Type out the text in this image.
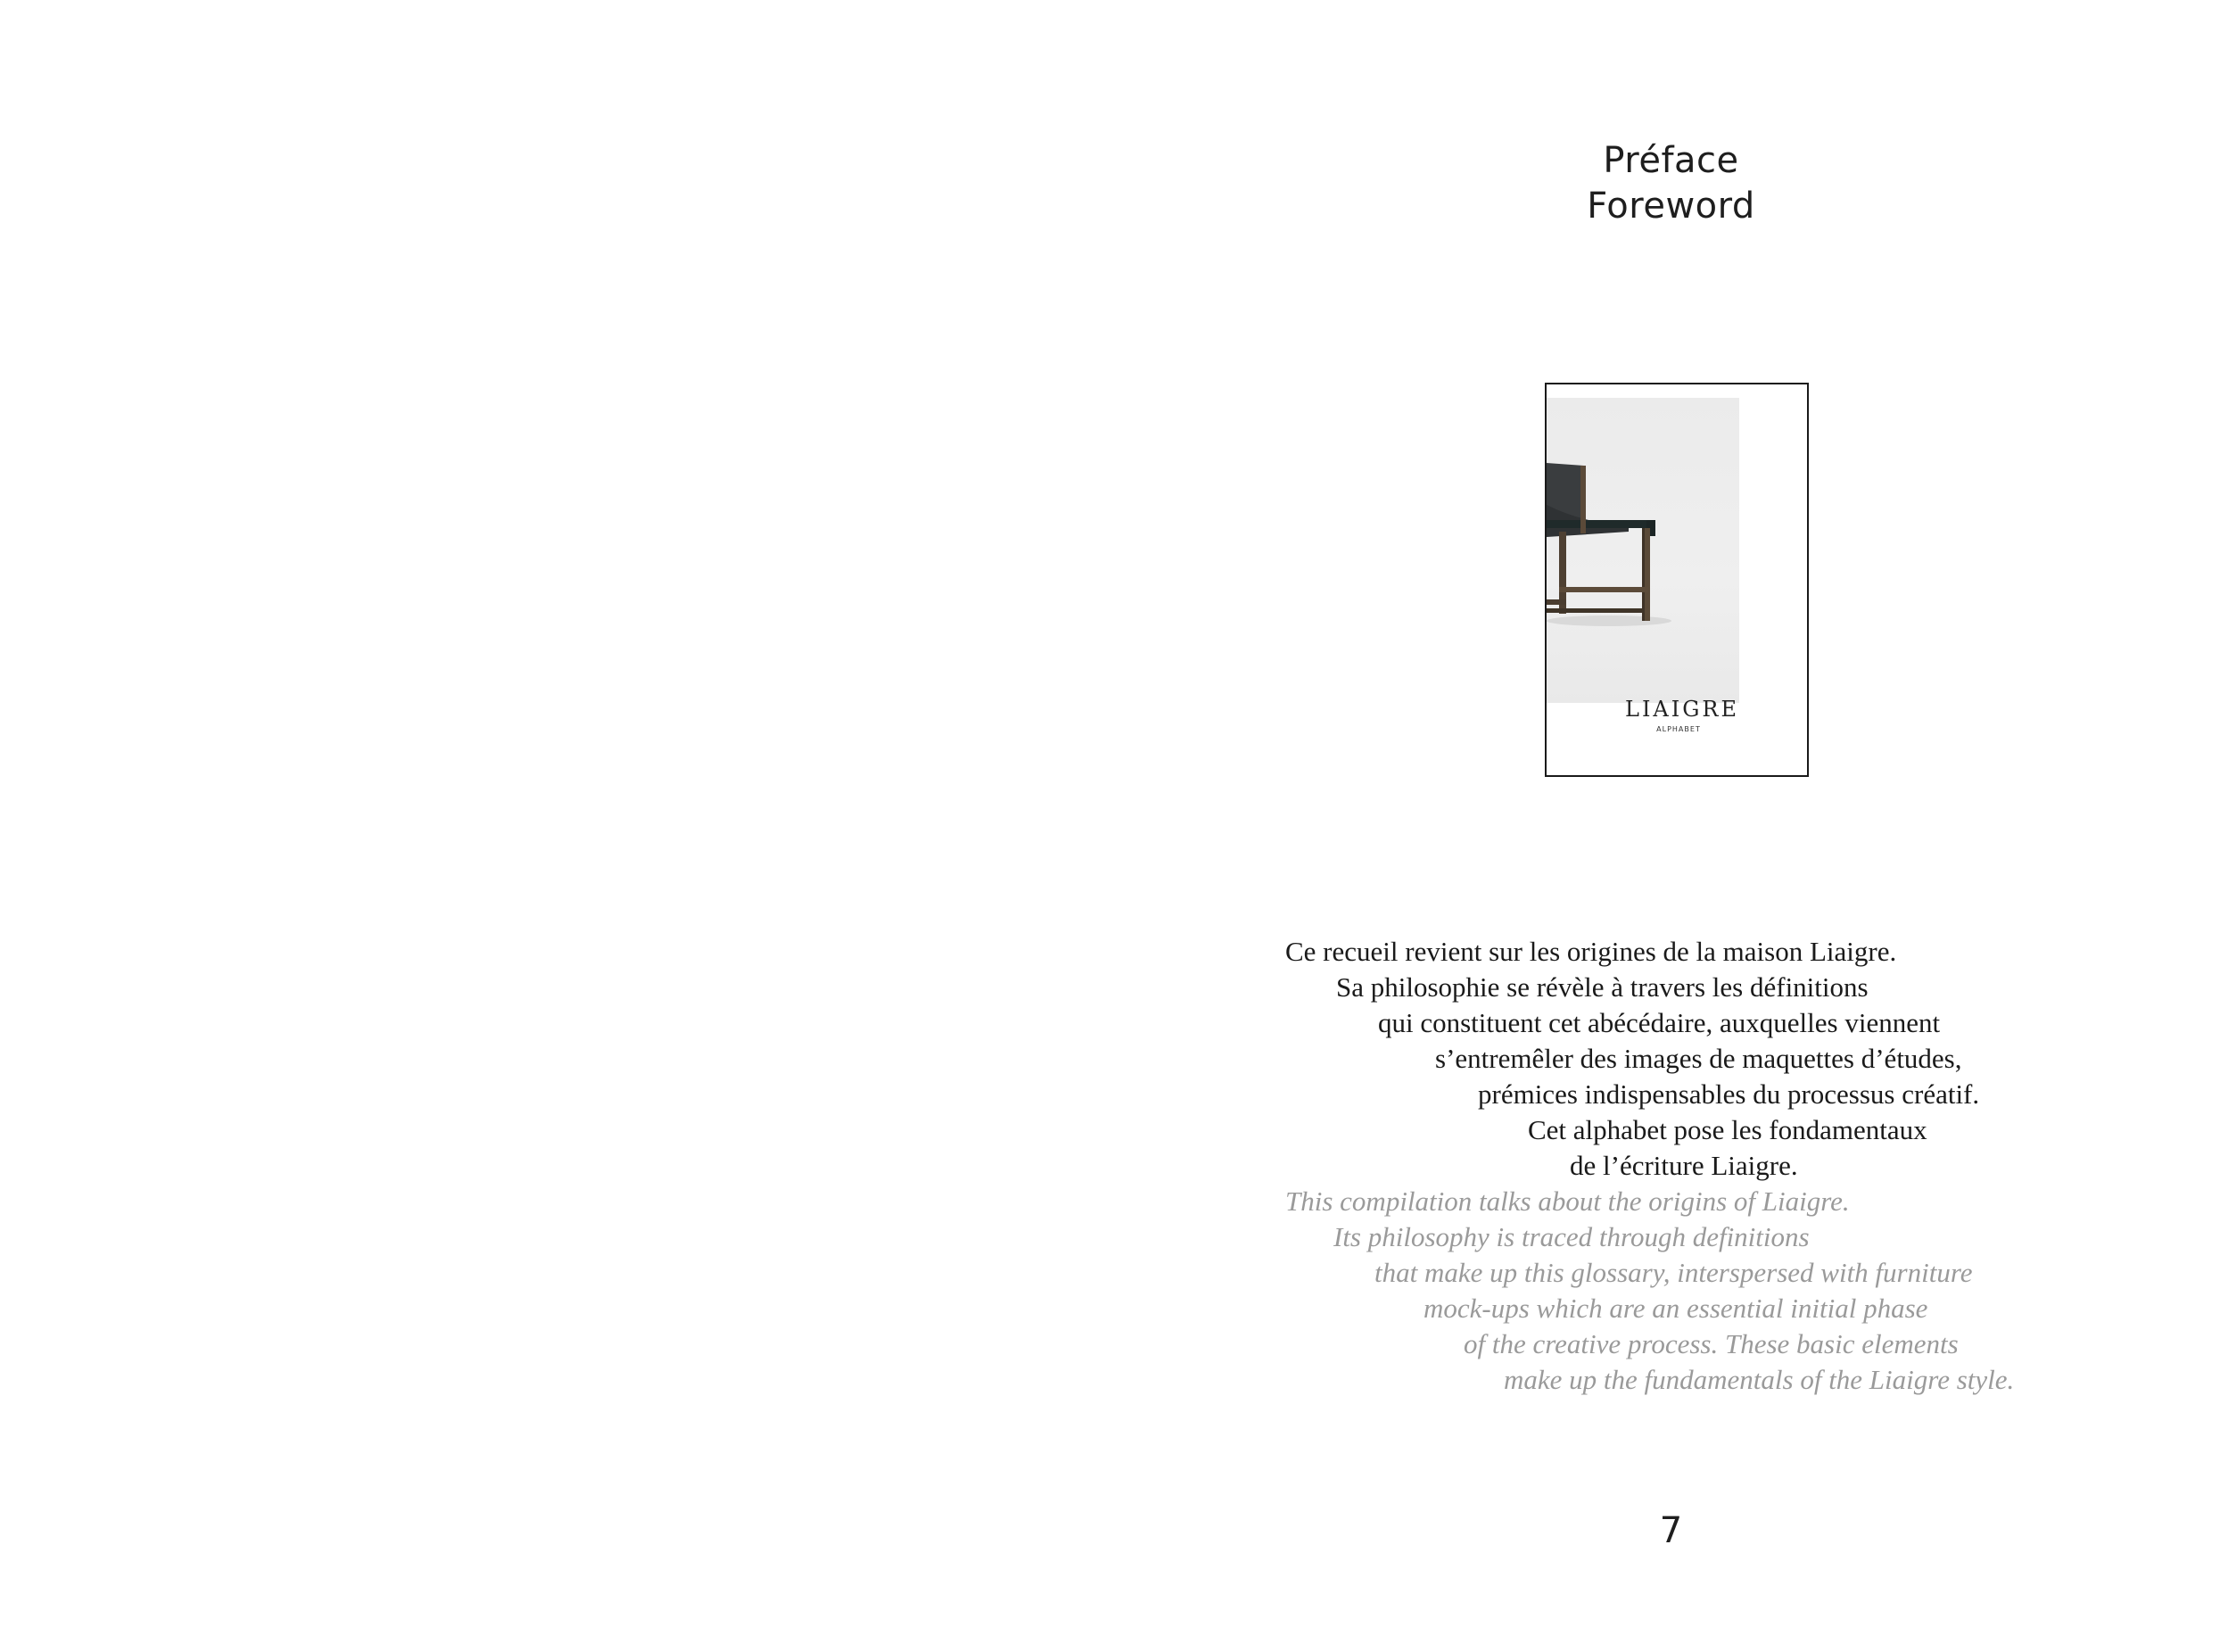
Préface
Foreword
LIAIGRE
ALPHABET
Ce recueil revient sur les origines de la maison Liaigre.
Sa philosophie se révèle à travers les définitions
qui constituent cet abécédaire, auxquelles viennent
s’entremêler des images de maquettes d’études,
prémices indispensables du processus créatif.
Cet alphabet pose les fondamentaux
de l’écriture Liaigre.
This compilation talks about the origins of Liaigre.
Its philosophy is traced through definitions
that make up this glossary, interspersed with furniture
mock-ups which are an essential initial phase
of the creative process. These basic elements
make up the fundamentals of the Liaigre style.
7
